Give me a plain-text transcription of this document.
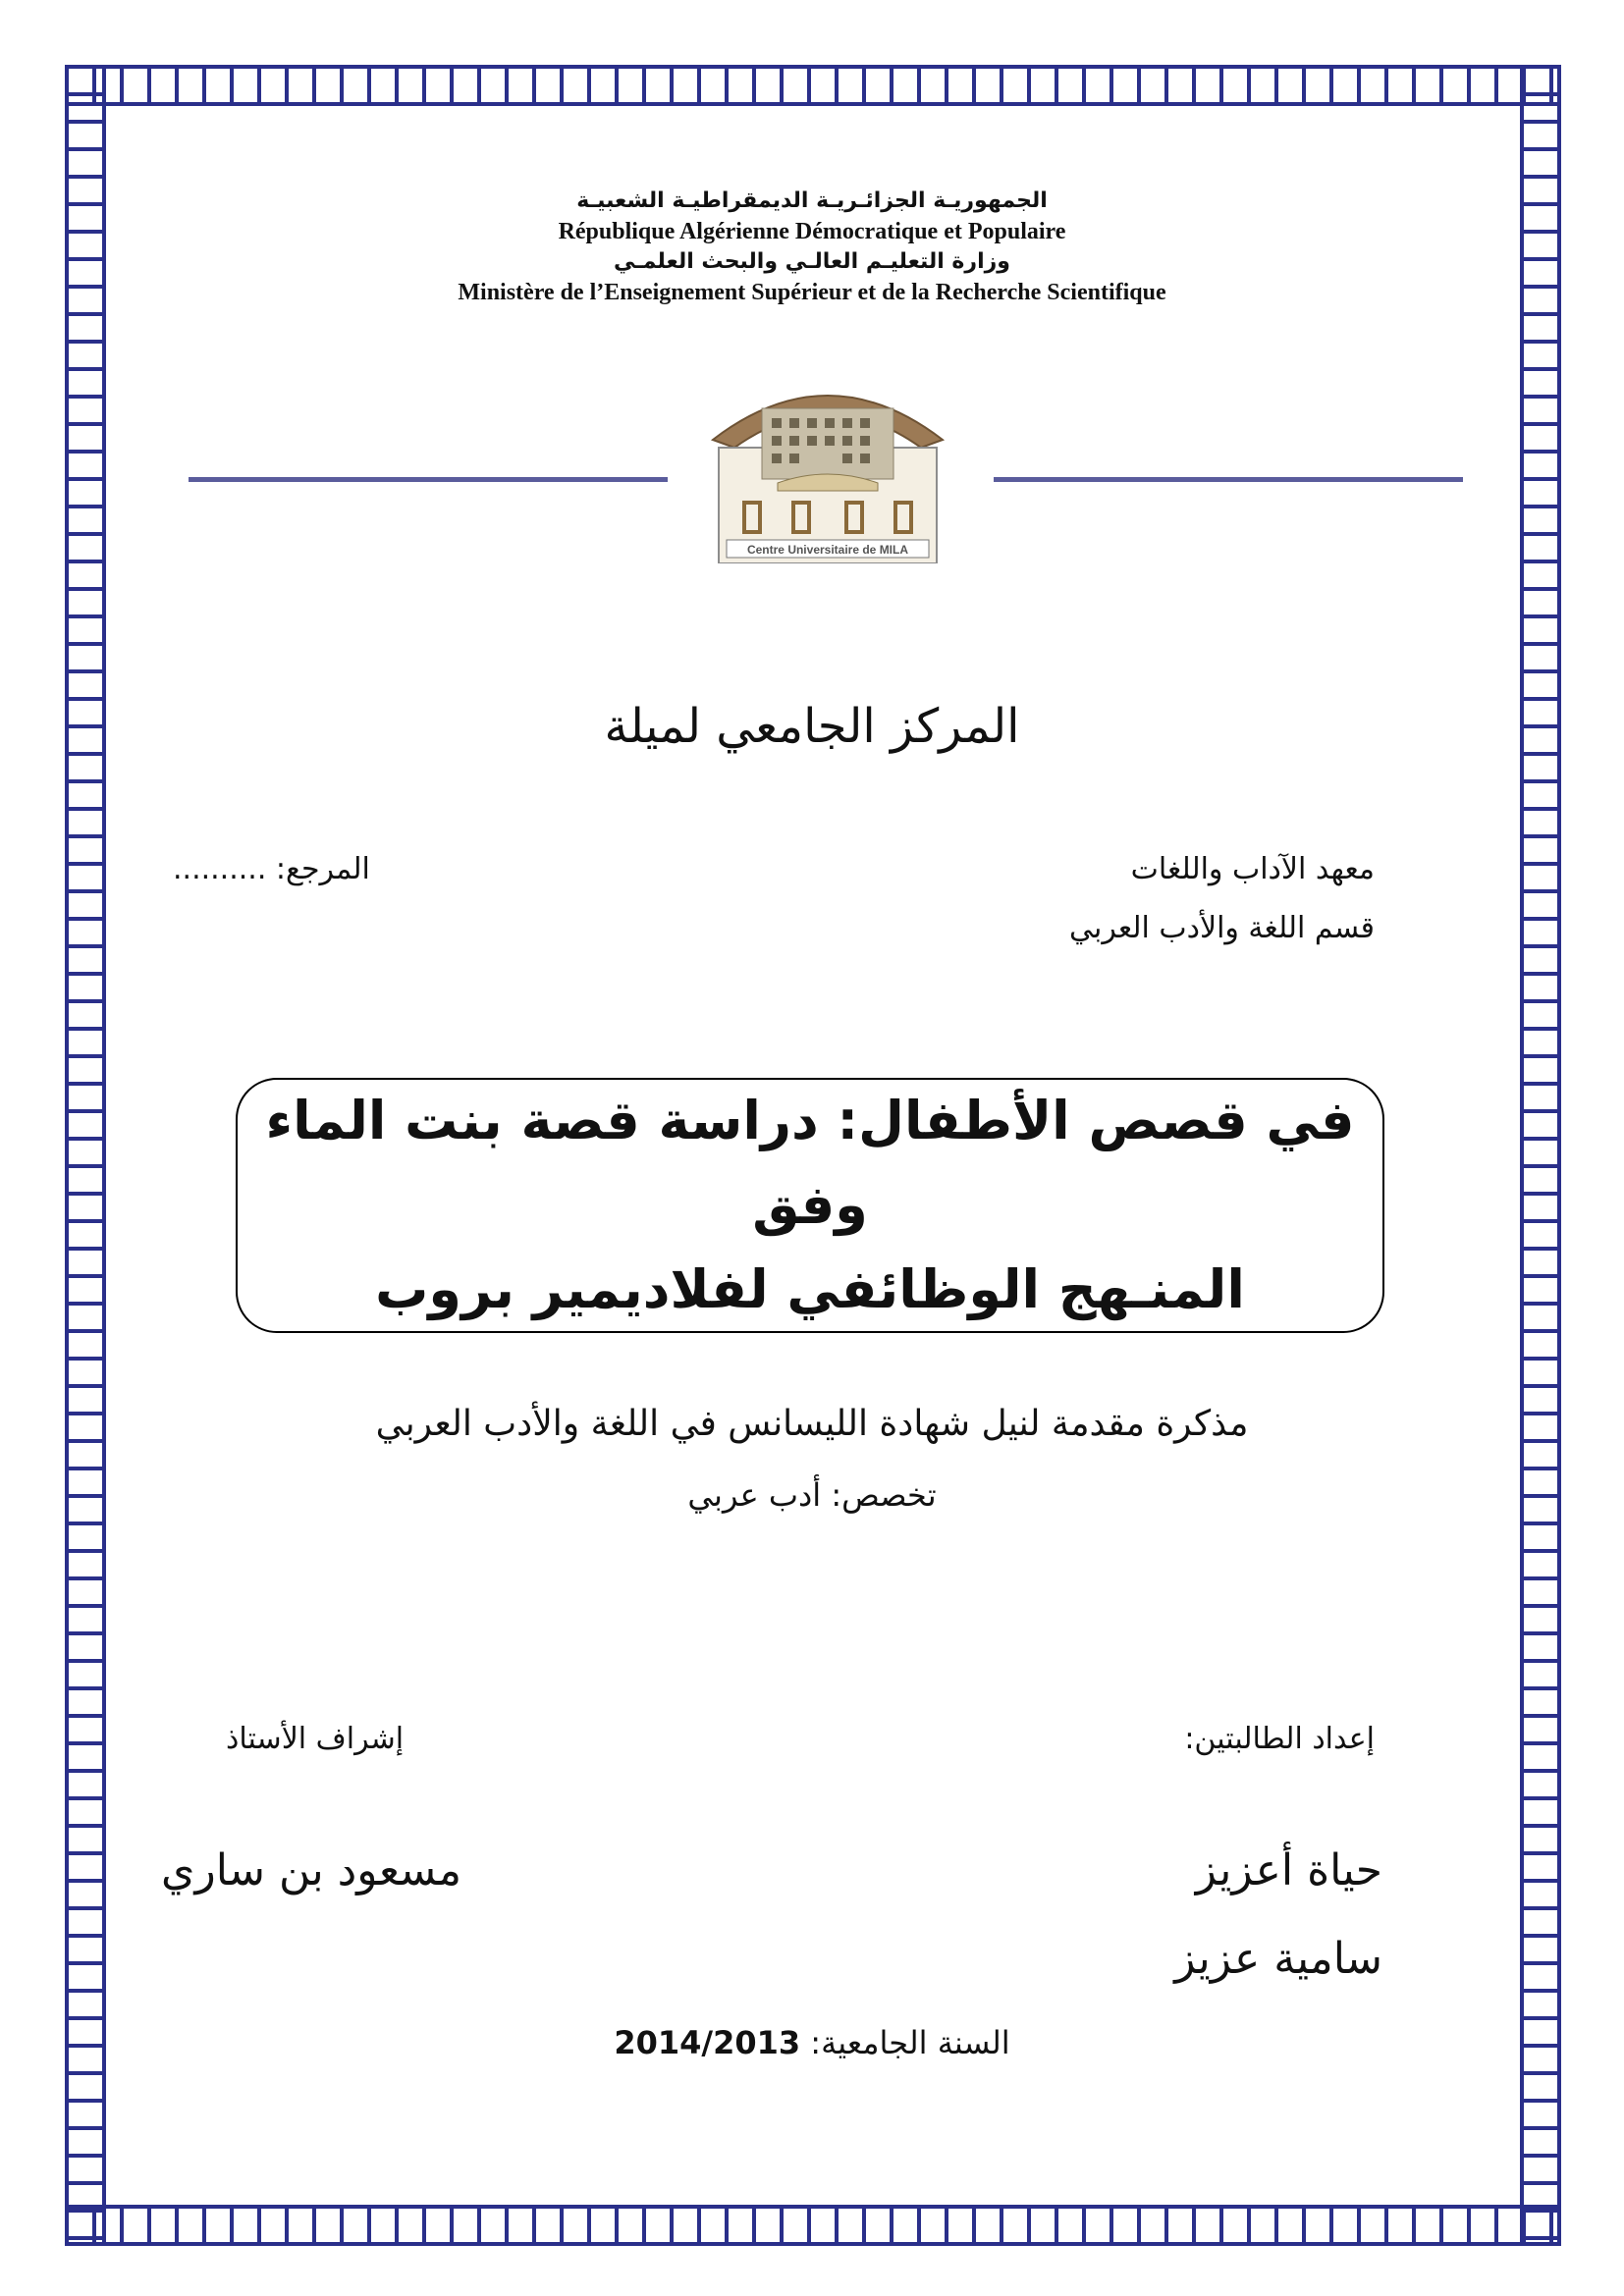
الجمهوريـة الجزائـريـة الديمقراطيـة الشعبيـة
République Algérienne Démocratique et Populaire
وزارة التعليـم العالـي والبحث العلمـي
Ministère de l’Enseignement Supérieur et de la Recherche Scientifique
Centre Universitaire de MILA
المركز الجامعي لميلة
معهد الآداب واللغات
قسم اللغة والأدب العربي
المرجع: ..........
في قصص الأطفال: دراسة قصة بنت الماء وفق
المنـهج الوظائفي لفلاديمير بروب
مذكرة مقدمة لنيل شهادة الليسانس في اللغة والأدب العربي
تخصص: أدب عربي
إعداد الطالبتين:
إشراف الأستاذ
حياة أعزيز
سامية عزيز
مسعود بن ساري
السنة الجامعية: 2014/2013
